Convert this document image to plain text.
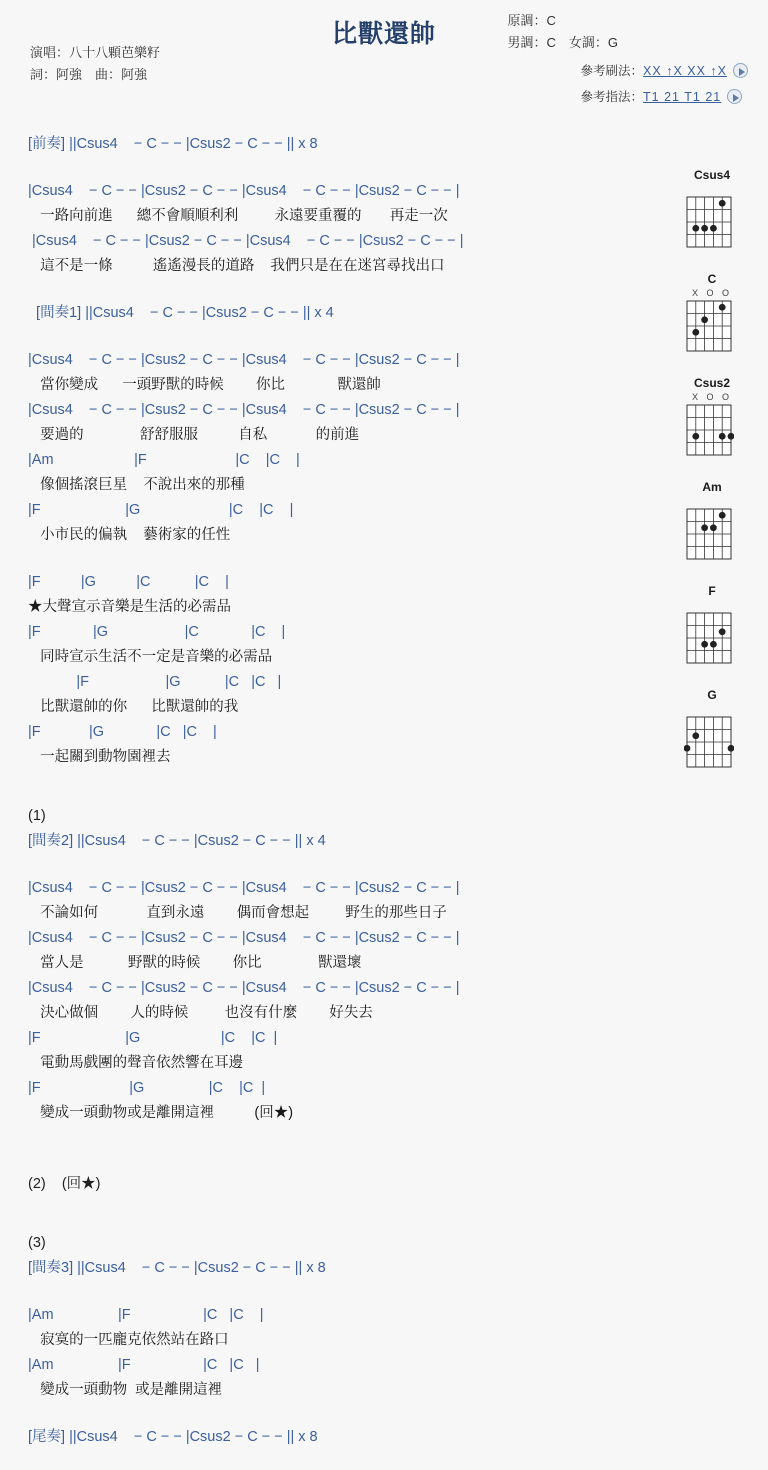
比獸還帥
演唱：八十八顆芭樂籽
詞：阿強　 曲：阿強
原調：C
男調：C　 女調：G
參考刷法：XX ↑X XX ↑X
參考指法：T1 21 T1 21
[前奏] ||Csus4    − C − − |Csus2 − C − − || x 8
|Csus4    − C − − |Csus2 − C − − |Csus4    − C − − |Csus2 − C − − |
一路向前進      總不會順順利利         永遠要重覆的       再走一次
|Csus4    − C − − |Csus2 − C − − |Csus4    − C − − |Csus2 − C − − |
這不是一條          遙遙漫長的道路    我們只是在在迷宮尋找出口
[間奏1] ||Csus4    − C − − |Csus2 − C − − || x 4
|Csus4    − C − − |Csus2 − C − − |Csus4    − C − − |Csus2 − C − − |
當你變成      一頭野獸的時候        你比             獸還帥
|Csus4    − C − − |Csus2 − C − − |Csus4    − C − − |Csus2 − C − − |
要過的              舒舒服服          自私            的前進
|Am                    |F                      |C    |C    |
像個搖滾巨星    不說出來的那種
|F                     |G                      |C    |C    |
小市民的偏執    藝術家的任性
|F          |G          |C           |C    |
★大聲宣示音樂是生活的必需品
|F             |G                   |C             |C    |
同時宣示生活不一定是音樂的必需品
|F                   |G           |C   |C   |
比獸還帥的你      比獸還帥的我
|F            |G             |C   |C    |
一起關到動物園裡去
(1)
[間奏2] ||Csus4    − C − − |Csus2 − C − − || x 4
|Csus4    − C − − |Csus2 − C − − |Csus4    − C − − |Csus2 − C − − |
不論如何            直到永遠        偶而會想起         野生的那些日子
|Csus4    − C − − |Csus2 − C − − |Csus4    − C − − |Csus2 − C − − |
當人是           野獸的時候        你比              獸還壞
|Csus4    − C − − |Csus2 − C − − |Csus4    − C − − |Csus2 − C − − |
決心做個        人的時候         也沒有什麼        好失去
|F                     |G                    |C    |C  |
電動馬戲團的聲音依然響在耳邊
|F                      |G                |C    |C  |
變成一頭動物或是離開這裡          (回★)
(2)    (回★)
(3)
[間奏3] ||Csus4    − C − − |Csus2 − C − − || x 8
|Am                |F                  |C   |C    |
寂寞的一匹龐克依然站在路口
|Am                |F                  |C   |C   |
變成一頭動物  或是離開這裡
[尾奏] ||Csus4    − C − − |Csus2 − C − − || x 8
Csus4
C
X O O
Csus2
X O O
Am
F
G
